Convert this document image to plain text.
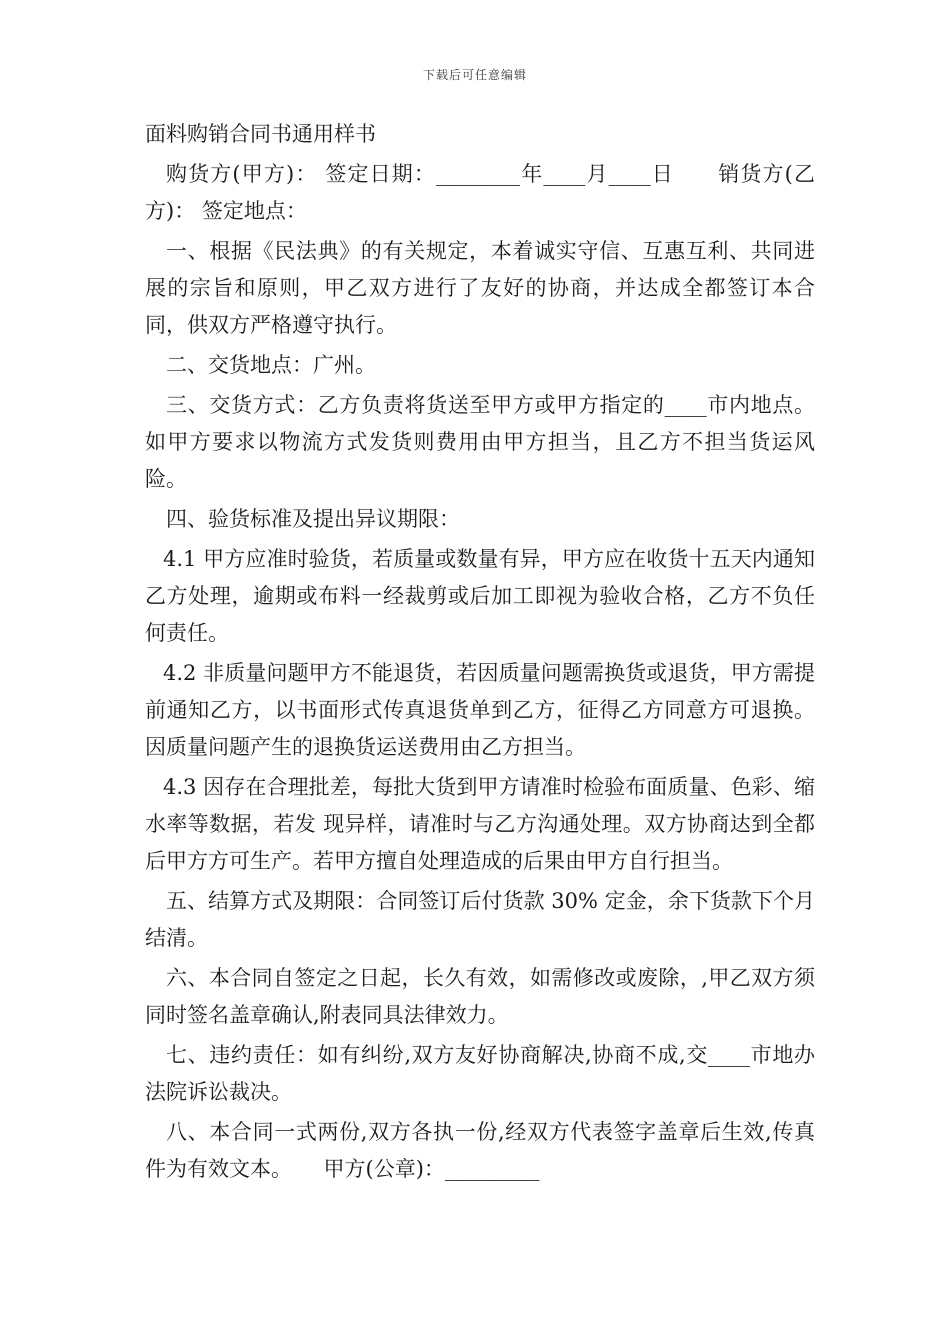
下载后可任意编辑
面料购销合同书通用样书

购货方(甲方)： 签定日期：________年____月____日　　销货方(乙方)： 签定地点：

一、根据《民法典》的有关规定，本着诚实守信、互惠互利、共同进展的宗旨和原则，甲乙双方进行了友好的协商，并达成全都签订本合同，供双方严格遵守执行。

二、交货地点：广州。

三、交货方式：乙方负责将货送至甲方或甲方指定的____市内地点。如甲方要求以物流方式发货则费用由甲方担当，且乙方不担当货运风险。

四、验货标准及提出异议期限：

4.1 甲方应准时验货，若质量或数量有异，甲方应在收货十五天内通知乙方处理，逾期或布料一经裁剪或后加工即视为验收合格，乙方不负任何责任。

4.2 非质量问题甲方不能退货，若因质量问题需换货或退货，甲方需提前通知乙方，以书面形式传真退货单到乙方，征得乙方同意方可退换。因质量问题产生的退换货运送费用由乙方担当。

4.3 因存在合理批差，每批大货到甲方请准时检验布面质量、色彩、缩水率等数据，若发 现异样，请准时与乙方沟通处理。双方协商达到全都后甲方方可生产。若甲方擅自处理造成的后果由甲方自行担当。

五、结算方式及期限：合同签订后付货款 30% 定金，余下货款下个月结清。

六、本合同自签定之日起，长久有效，如需修改或废除，,甲乙双方须同时签名盖章确认,附表同具法律效力。

七、违约责任：如有纠纷,双方友好协商解决,协商不成,交____市地办法院诉讼裁决。

八、本合同一式两份,双方各执一份,经双方代表签字盖章后生效,传真件为有效文本。　　甲方(公章)：_________
